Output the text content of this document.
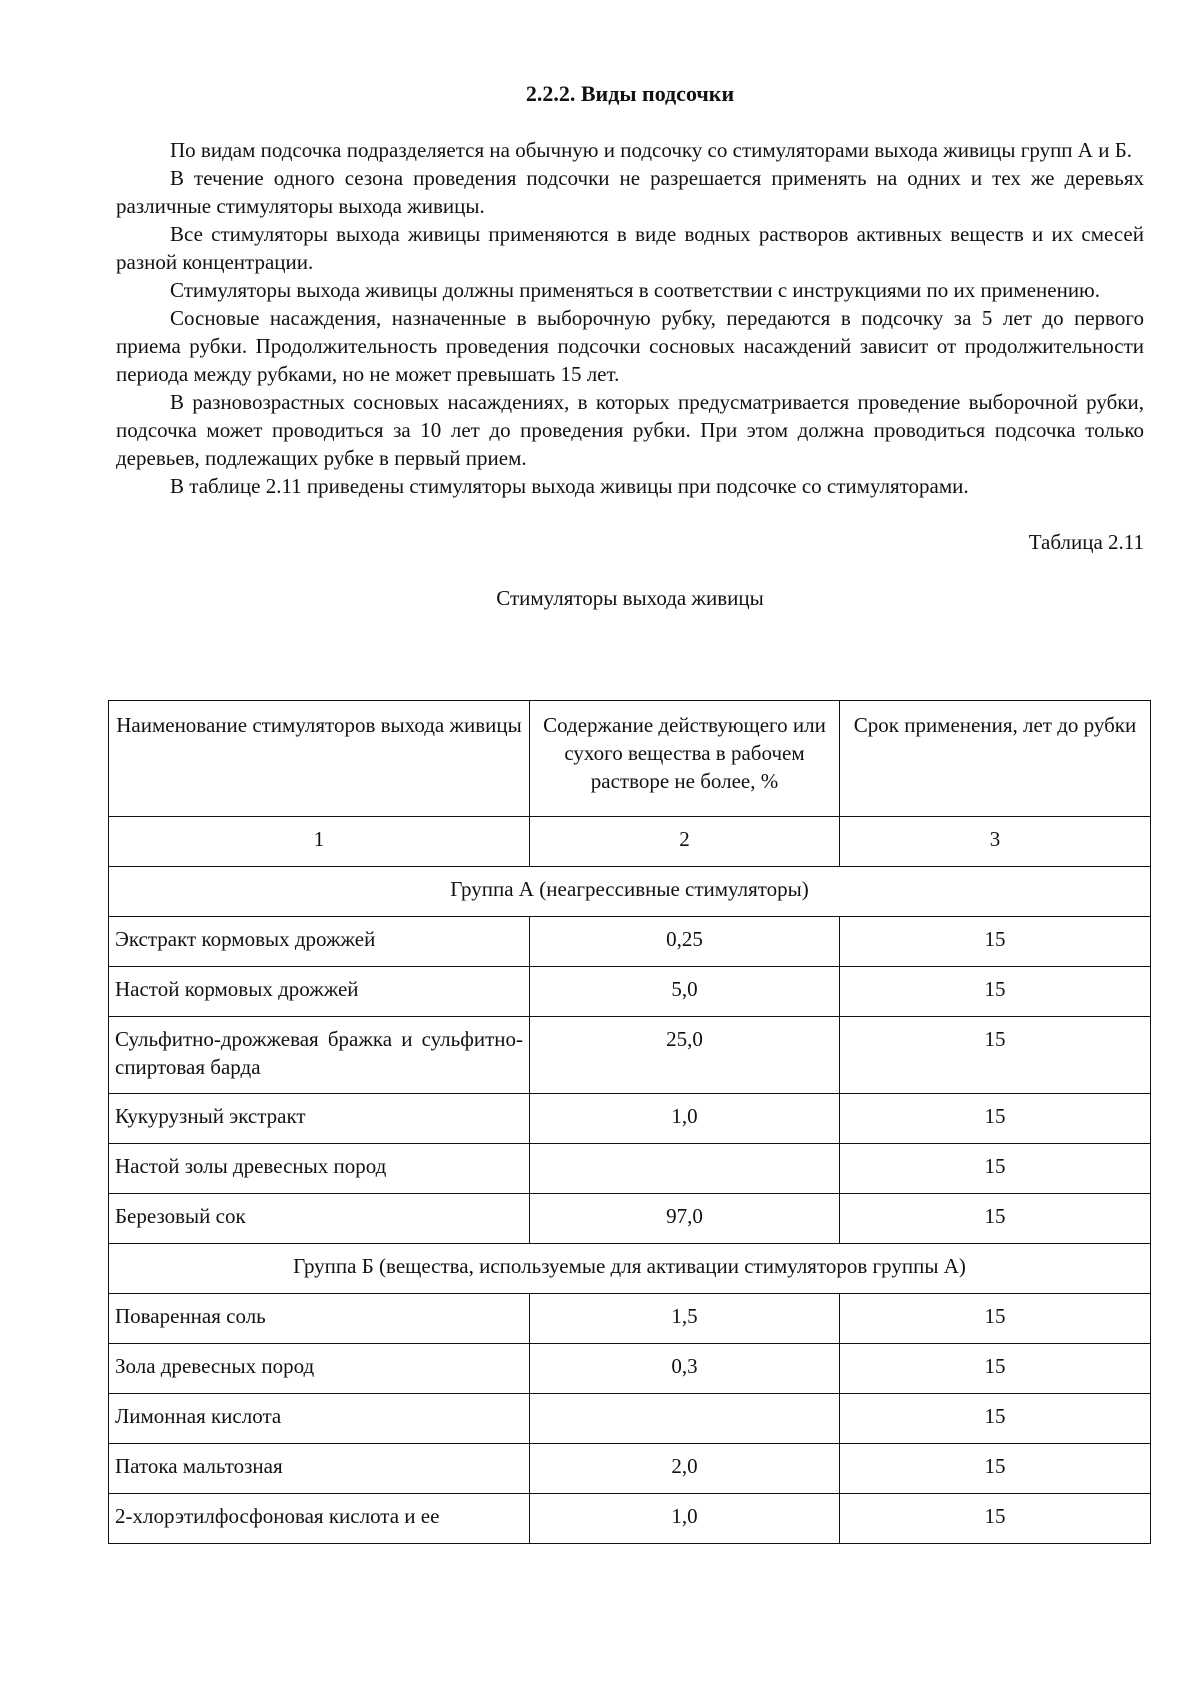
2.2.2. Виды подсочки

По видам подсочка подразделяется на обычную и подсочку со стимуляторами выхода живицы групп А и Б.

В течение одного сезона проведения подсочки не разрешается применять на одних и тех же деревьях различные стимуляторы выхода живицы.

Все стимуляторы выхода живицы применяются в виде водных растворов активных веществ и их смесей разной концентрации.

Стимуляторы выхода живицы должны применяться в соответствии с инструкциями по их применению.

Сосновые насаждения, назначенные в выборочную рубку, передаются в подсочку за 5 лет до первого приема рубки. Продолжительность проведения подсочки сосновых насаждений зависит от продолжительности периода между рубками, но не может превышать 15 лет.

В разновозрастных сосновых насаждениях, в которых предусматривается проведение выборочной рубки, подсочка может проводиться за 10 лет до проведения рубки. При этом должна проводиться подсочка только деревьев, подлежащих рубке в первый прием.

В таблице 2.11 приведены стимуляторы выхода живицы при подсочке со стимуляторами.

Таблица 2.11
Стимуляторы выхода живицы
Наименование стимуляторов выхода живицы	Содержание действующего или сухого вещества в рабочем растворе не более, %	Срок применения, лет до рубки
1	2	3
Группа А (неагрессивные стимуляторы)		
Экстракт кормовых дрожжей	0,25	15
Настой кормовых дрожжей	5,0	15
Сульфитно-дрожжевая бражка и сульфитно-спиртовая барда	25,0	15
Кукурузный экстракт	1,0	15
Настой золы древесных пород		15
Березовый сок	97,0	15
Группа Б (вещества, используемые для активации стимуляторов группы А)		
Поваренная соль	1,5	15
Зола древесных пород	0,3	15
Лимонная кислота		15
Патока мальтозная	2,0	15
2-хлорэтилфосфоновая кислота и ее	1,0	15
